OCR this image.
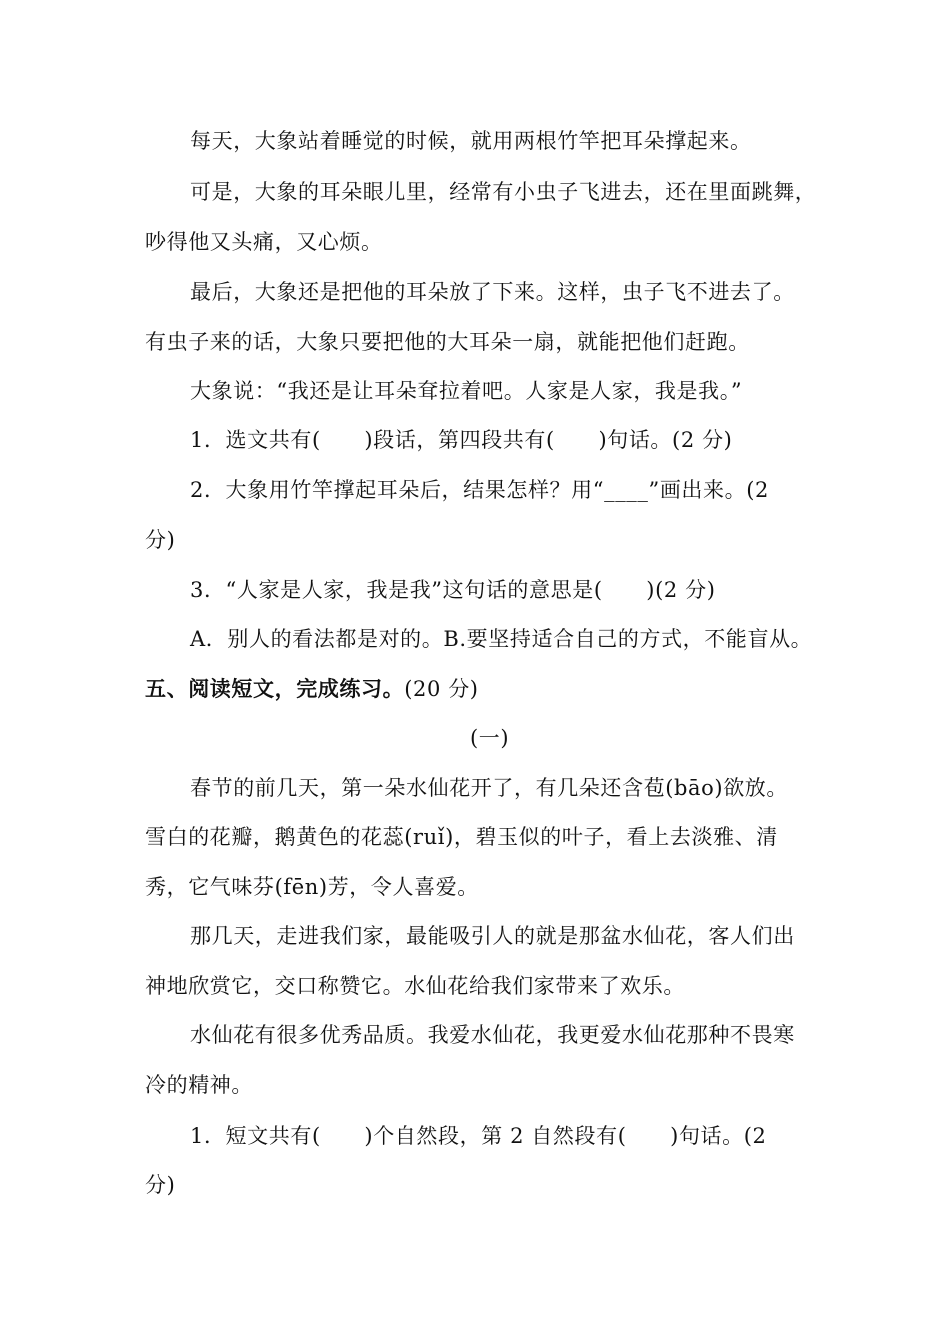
每天，大象站着睡觉的时候，就用两根竹竿把耳朵撑起来。
可是，大象的耳朵眼儿里，经常有小虫子飞进去，还在里面跳舞，
吵得他又头痛，又心烦。
最后，大象还是把他的耳朵放了下来。这样，虫子飞不进去了。
有虫子来的话，大象只要把他的大耳朵一扇，就能把他们赶跑。
大象说：“我还是让耳朵耷拉着吧。人家是人家，我是我。”
1．选文共有(      )段话，第四段共有(      )句话。(2 分)
2．大象用竹竿撑起耳朵后，结果怎样？用“____”画出来。(2
分)
3．“人家是人家，我是我”这句话的意思是(      )(2 分)
A．别人的看法都是对的。B.要坚持适合自己的方式，不能盲从。
五、阅读短文，完成练习。(20 分)
(一)
春节的前几天，第一朵水仙花开了，有几朵还含苞(bāo)欲放。
雪白的花瓣，鹅黄色的花蕊(ruǐ)，碧玉似的叶子，看上去淡雅、清
秀，它气味芬(fēn)芳，令人喜爱。
那几天，走进我们家，最能吸引人的就是那盆水仙花，客人们出
神地欣赏它，交口称赞它。水仙花给我们家带来了欢乐。
水仙花有很多优秀品质。我爱水仙花，我更爱水仙花那种不畏寒
冷的精神。
1．短文共有(      )个自然段，第 2 自然段有(      )句话。(2
分)
